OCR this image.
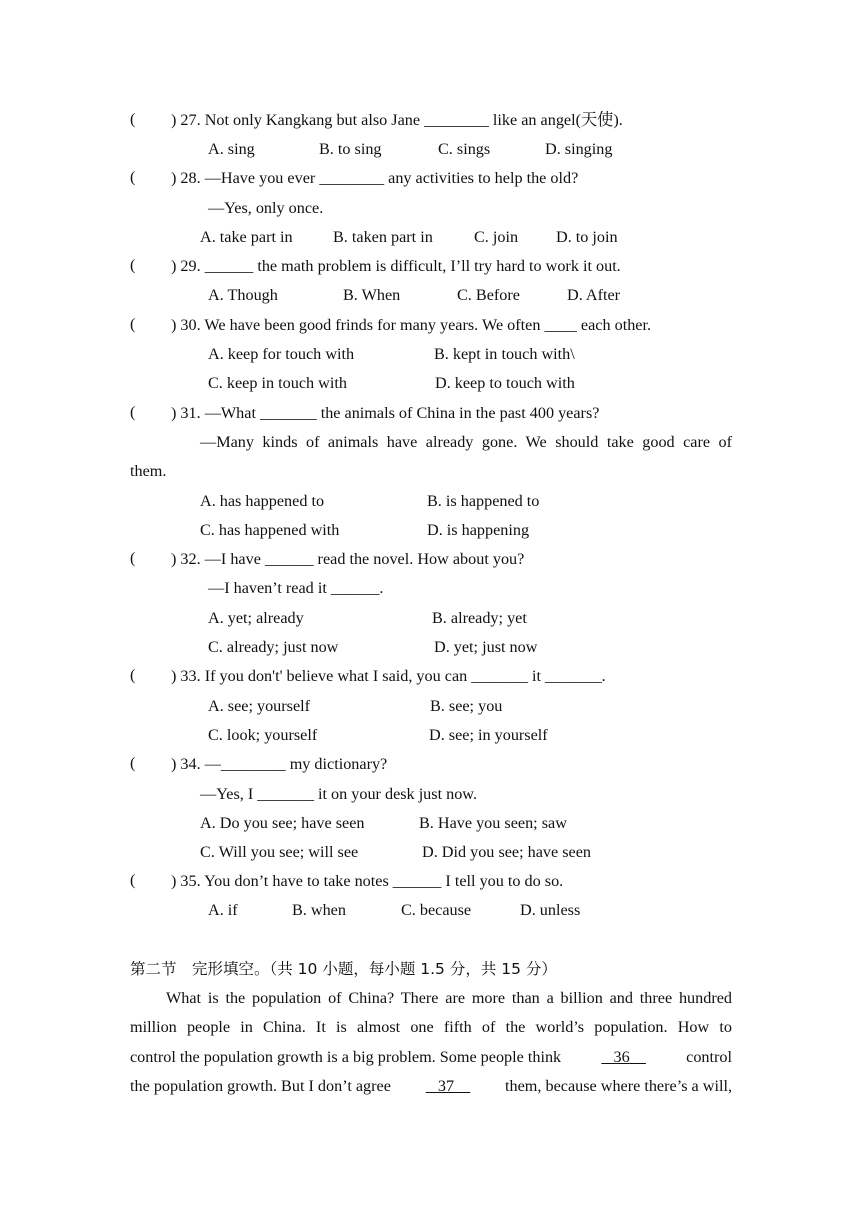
( ) 27. Not only Kangkang but also Jane ________ like an angel(天使).
A. sing	B. to sing	C. sings	D. singing
( ) 28. —Have you ever ________ any activities to help the old?
—Yes, only once.
A. take part in B. taken part in	C. join D. to join
( ) 29. ______ the math problem is difficult, I’ll try hard to work it out.
A. Though	B. When	C. Before	D. After
( ) 30. We have been good frinds for many years. We often ____ each other.
A. keep for touch with	B. kept in touch with\
C. keep in touch with	D. keep to touch with
( ) 31. —What _______ the animals of China in the past 400 years?
—Many kinds of animals have already gone. We should take good care of
them.
A. has happened to	B. is happened to
C. has happened with	D. is happening
( ) 32. —I have ______ read the novel. How about you?
—I haven’t read it ______.
A. yet; already	B. already; yet
C. already; just now	D. yet; just now
( ) 33. If you don't' believe what I said, you can _______ it _______.
A. see; yourself	B. see; you
C. look; yourself	D. see; in yourself
( ) 34. —________ my dictionary?
—Yes, I _______ it on your desk just now.
A. Do you see; have seen	B. Have you seen; saw
C. Will you see; will see	D. Did you see; have seen
( ) 35. You don’t have to take notes ______ I tell you to do so.
A. if	B. when	C. because	D. unless
第二节　完形填空。（共 10 小题，每小题 1.5 分，共 15 分）
What is the population of China? There are more than a billion and three hundred
million people in China. It is almost one fifth of the world’s population. How to
control the population growth is a big problem. Some people think	36	control
the population growth. But I don’t agree	37	them, because where there’s a will,
